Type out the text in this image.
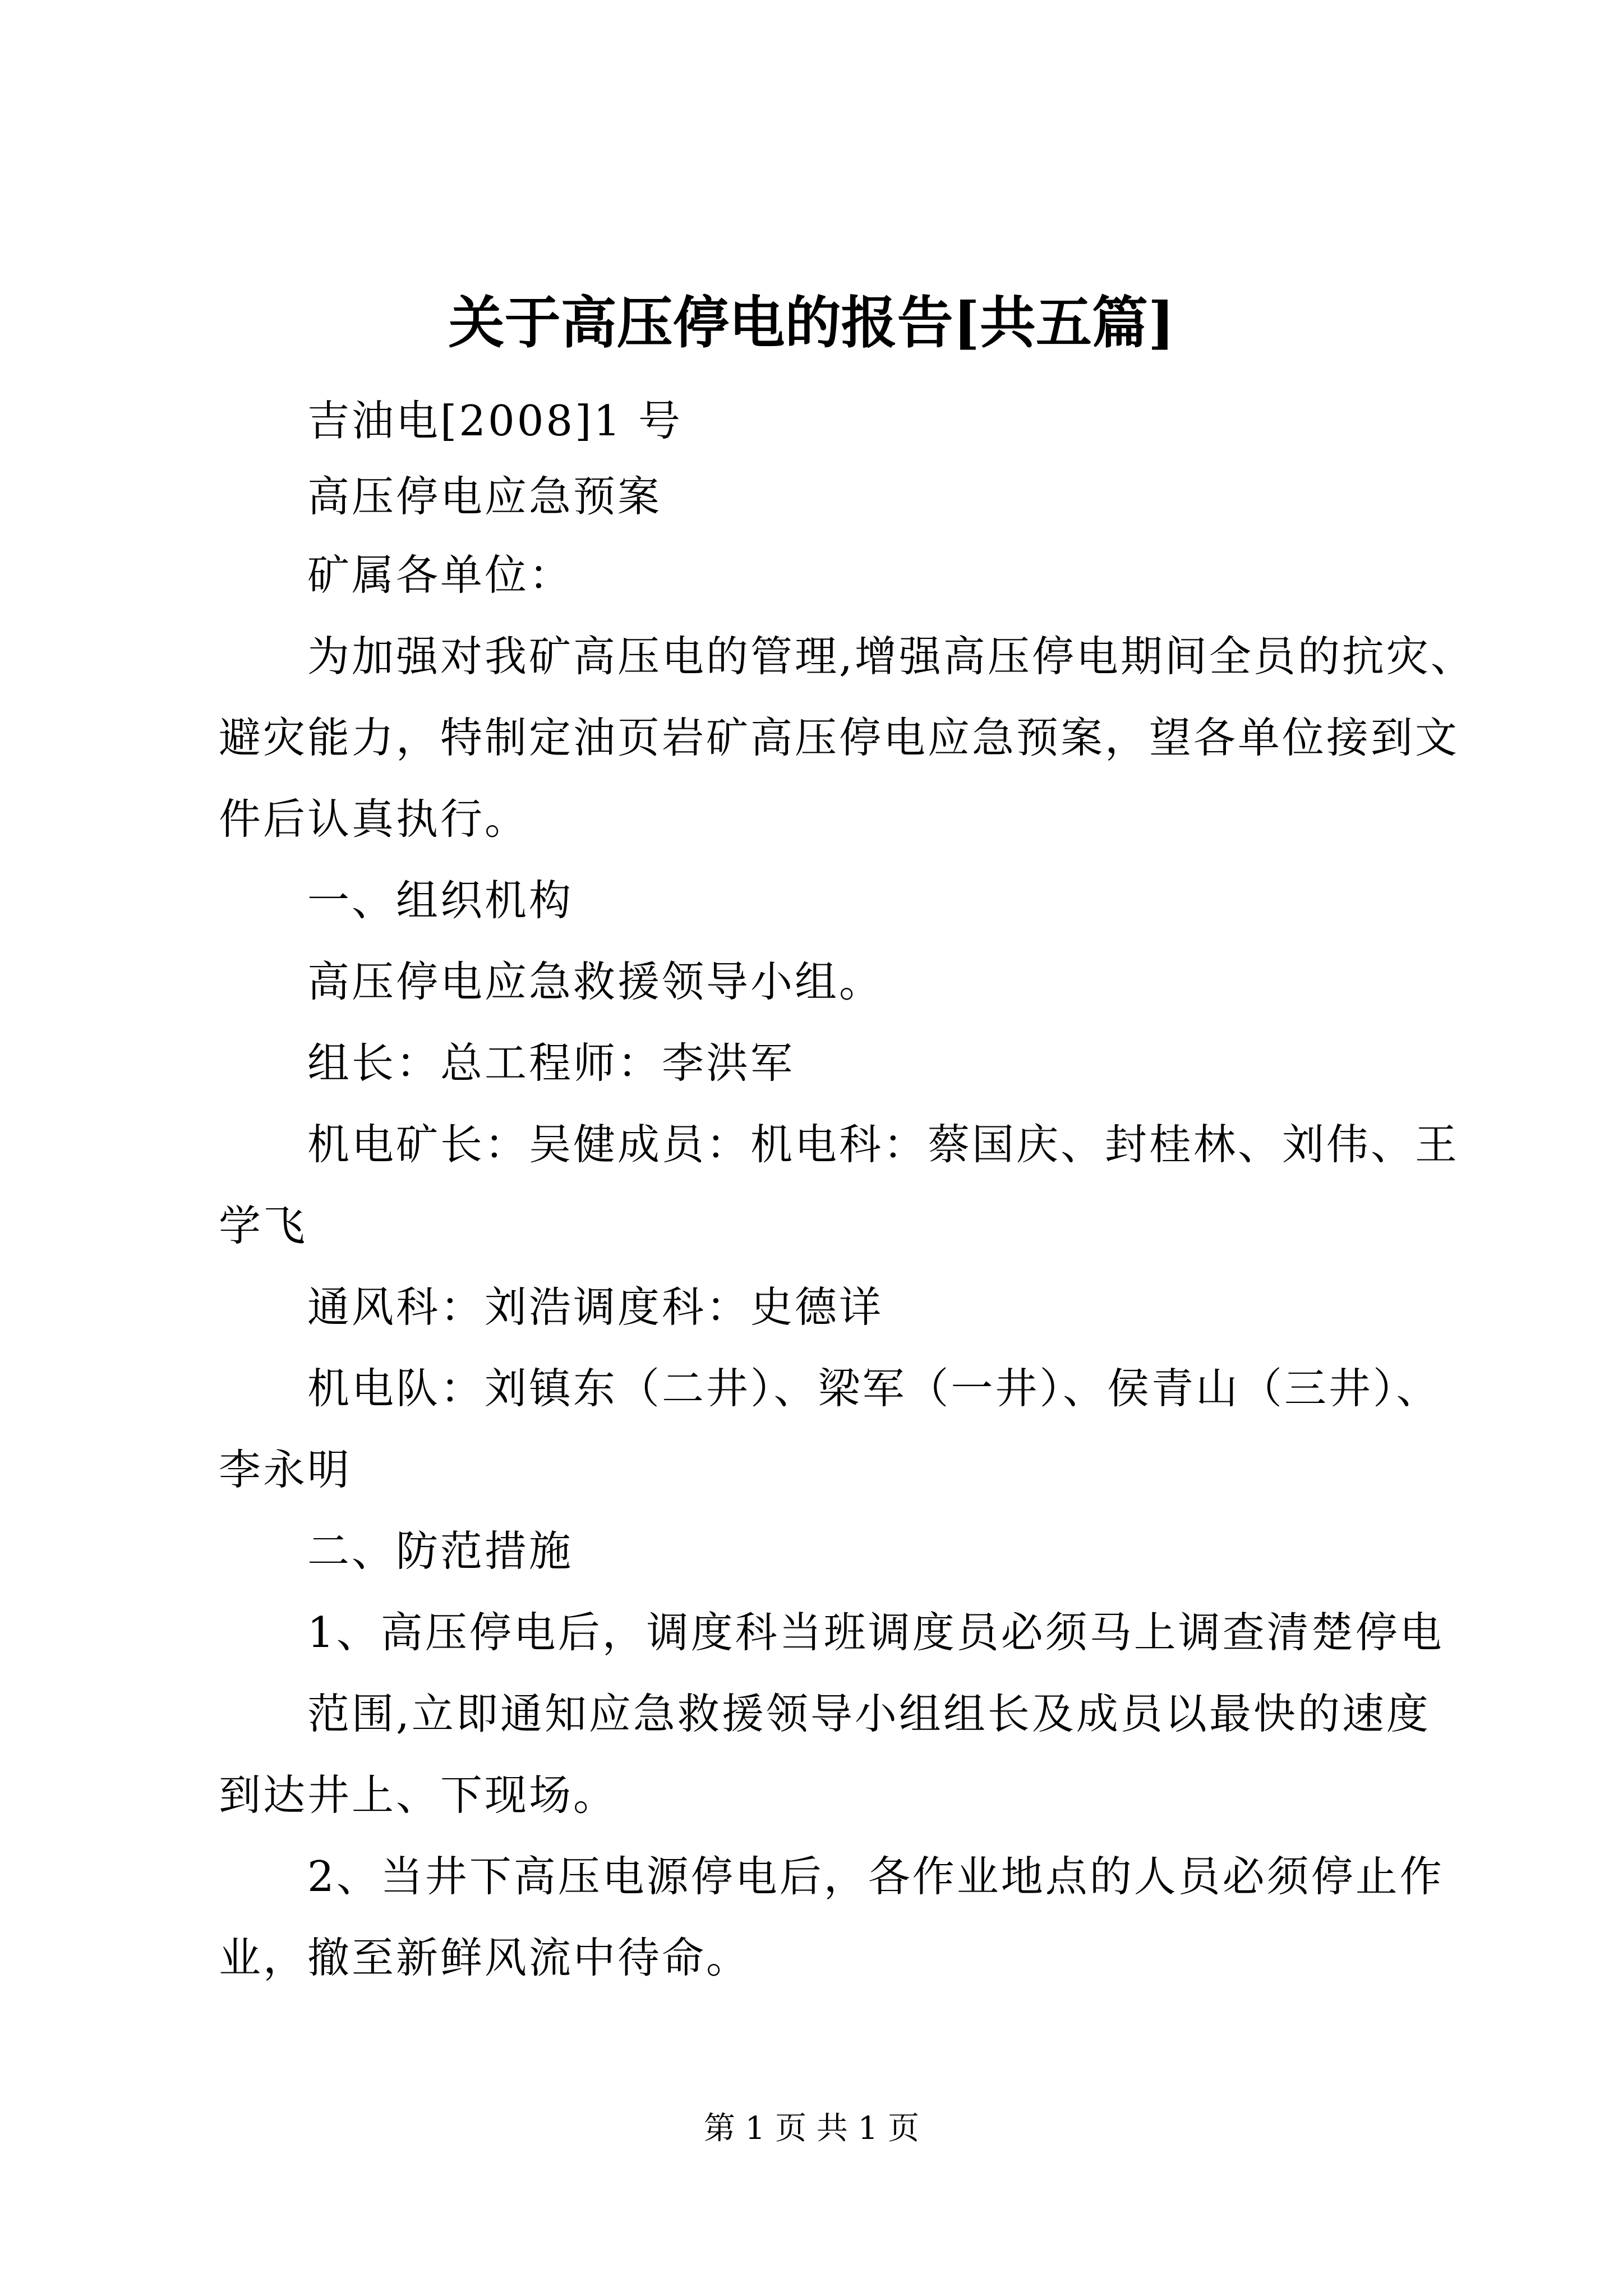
关于高压停电的报告[共五篇]

吉油电[2008]1 号

高压停电应急预案

矿属各单位：

为加强对我矿高压电的管理,增强高压停电期间全员的抗灾、

避灾能力，特制定油页岩矿高压停电应急预案，望各单位接到文

件后认真执行。

一、组织机构

高压停电应急救援领导小组。

组长：总工程师：李洪军

机电矿长：吴健成员：机电科：蔡国庆、封桂林、刘伟、王

学飞

通风科：刘浩调度科：史德详

机电队：刘镇东（二井）、梁军（一井）、侯青山（三井）、

李永明

二、防范措施

1、高压停电后，调度科当班调度员必须马上调查清楚停电

范围,立即通知应急救援领导小组组长及成员以最快的速度

到达井上、下现场。

2、当井下高压电源停电后，各作业地点的人员必须停止作

业，撤至新鲜风流中待命。

第 1 页 共 1 页
